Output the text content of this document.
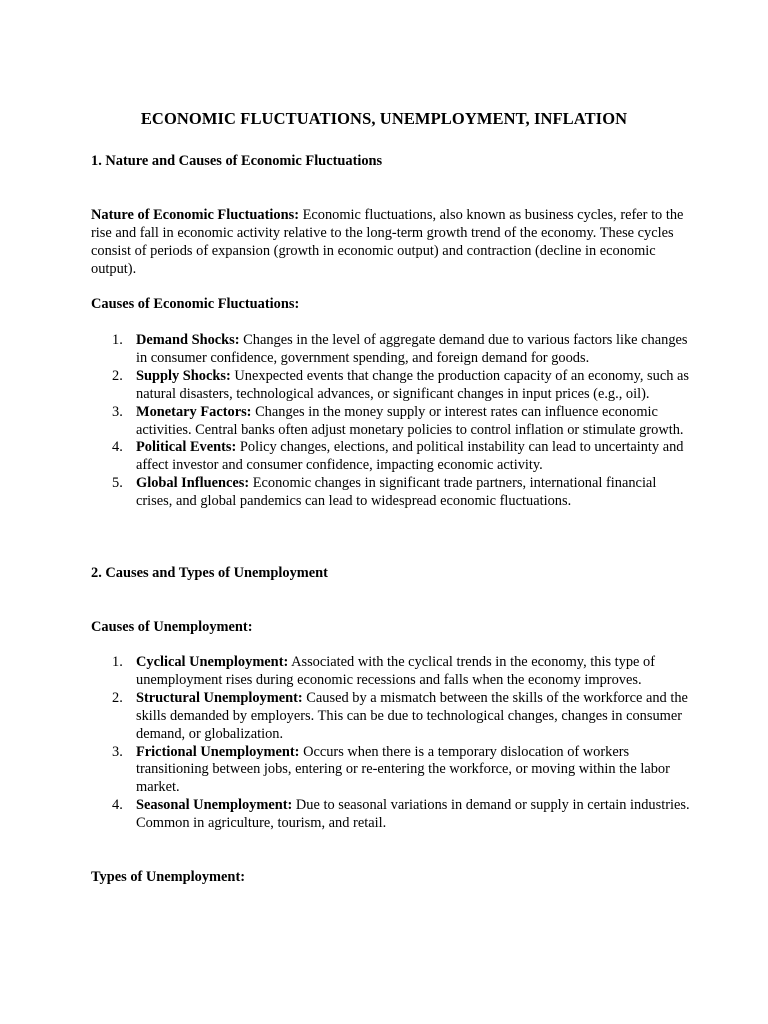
ECONOMIC FLUCTUATIONS, UNEMPLOYMENT, INFLATION
1. Nature and Causes of Economic Fluctuations

Nature of Economic Fluctuations: Economic fluctuations, also known as business cycles, refer to the rise and fall in economic activity relative to the long-term growth trend of the economy. These cycles consist of periods of expansion (growth in economic output) and contraction (decline in economic output).

Causes of Economic Fluctuations:
1. Demand Shocks: Changes in the level of aggregate demand due to various factors like changes in consumer confidence, government spending, and foreign demand for goods.
2. Supply Shocks: Unexpected events that change the production capacity of an economy, such as natural disasters, technological advances, or significant changes in input prices (e.g., oil).
3. Monetary Factors: Changes in the money supply or interest rates can influence economic activities. Central banks often adjust monetary policies to control inflation or stimulate growth.
4. Political Events: Policy changes, elections, and political instability can lead to uncertainty and affect investor and consumer confidence, impacting economic activity.
5. Global Influences: Economic changes in significant trade partners, international financial crises, and global pandemics can lead to widespread economic fluctuations.
2. Causes and Types of Unemployment
Causes of Unemployment:
1. Cyclical Unemployment: Associated with the cyclical trends in the economy, this type of unemployment rises during economic recessions and falls when the economy improves.
2. Structural Unemployment: Caused by a mismatch between the skills of the workforce and the skills demanded by employers. This can be due to technological changes, changes in consumer demand, or globalization.
3. Frictional Unemployment: Occurs when there is a temporary dislocation of workers transitioning between jobs, entering or re-entering the workforce, or moving within the labor market.
4. Seasonal Unemployment: Due to seasonal variations in demand or supply in certain industries. Common in agriculture, tourism, and retail.
Types of Unemployment:
